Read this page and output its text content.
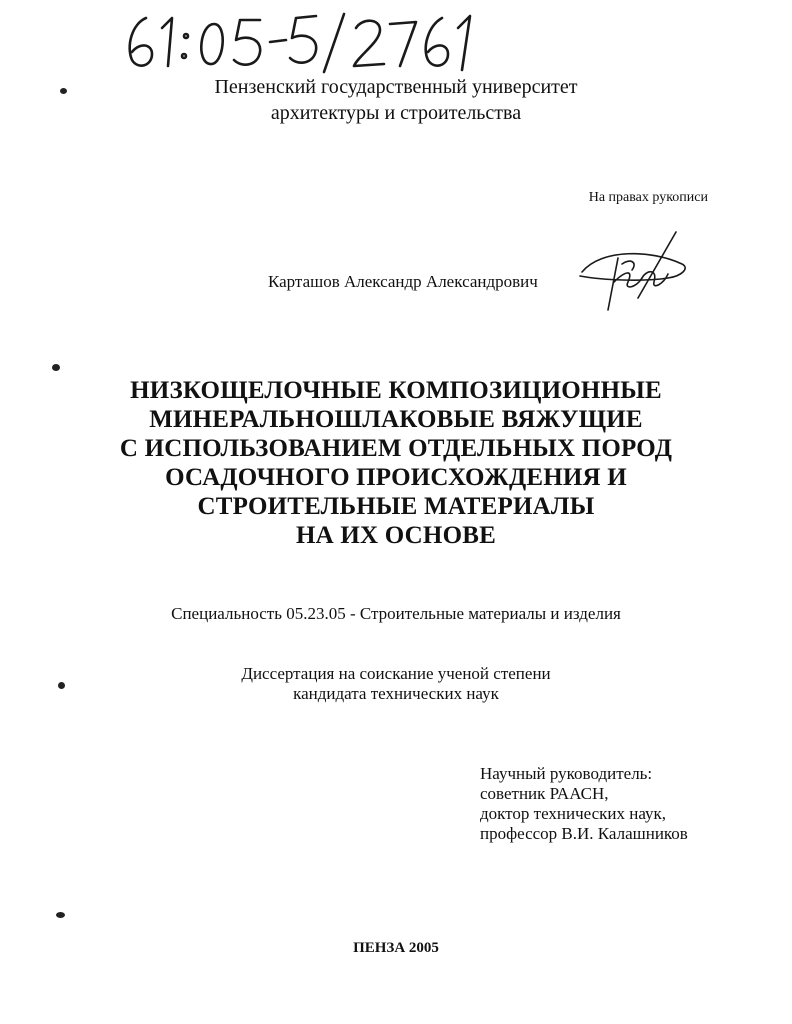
Пензенский государственный университет
архитектуры и строительства
На правах рукописи
Карташов Александр Александрович
НИЗКОЩЕЛОЧНЫЕ КОМПОЗИЦИОННЫЕ
МИНЕРАЛЬНОШЛАКОВЫЕ ВЯЖУЩИЕ
С ИСПОЛЬЗОВАНИЕМ ОТДЕЛЬНЫХ ПОРОД
ОСАДОЧНОГО ПРОИСХОЖДЕНИЯ И
СТРОИТЕЛЬНЫЕ МАТЕРИАЛЫ
НА ИХ ОСНОВЕ
Специальность 05.23.05 - Строительные материалы и изделия
Диссертация на соискание ученой степени
кандидата технических наук
Научный руководитель:
советник РААСН,
доктор технических наук,
профессор В.И. Калашников
ПЕНЗА 2005
